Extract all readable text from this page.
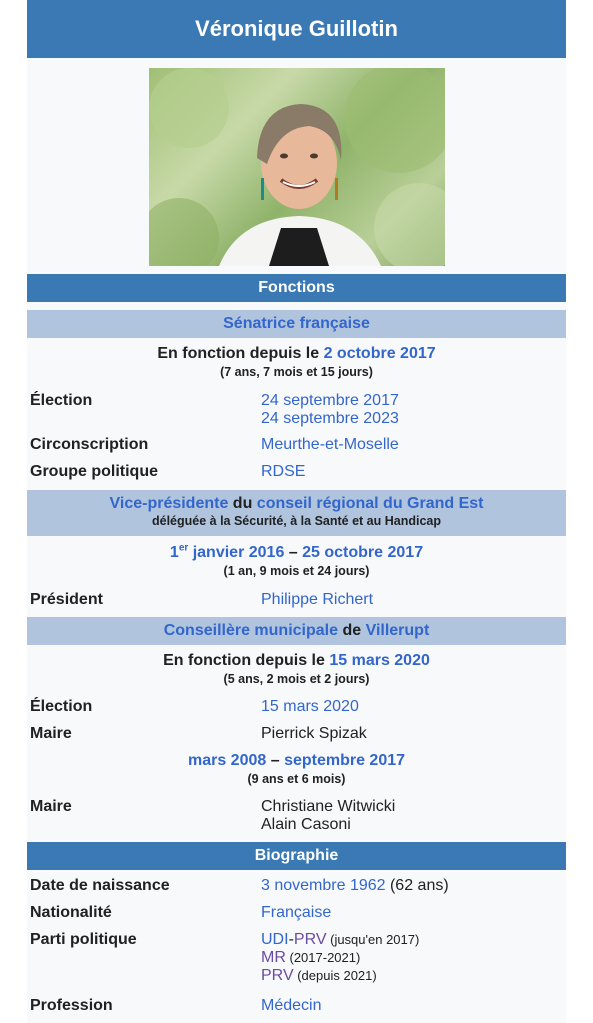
Véronique Guillotin
Fonctions
Sénatrice française
En fonction depuis le 2 octobre 2017
(7 ans, 7 mois et 15 jours)
Élection	24 septembre 2017
24 septembre 2023
Circonscription	Meurthe-et-Moselle
Groupe politique	RDSE
Vice-présidente du conseil régional du Grand Est
déléguée à la Sécurité, à la Santé et au Handicap
1er janvier 2016 – 25 octobre 2017
(1 an, 9 mois et 24 jours)
Président	Philippe Richert
Conseillère municipale de Villerupt
En fonction depuis le 15 mars 2020
(5 ans, 2 mois et 2 jours)
Élection	15 mars 2020
Maire	Pierrick Spizak
mars 2008 – septembre 2017
(9 ans et 6 mois)
Maire	Christiane Witwicki
Alain Casoni
Biographie
Date de naissance	3 novembre 1962 (62 ans)
Nationalité	Française
Parti politique	UDI-PRV (jusqu'en 2017)
MR (2017-2021)
PRV (depuis 2021)
Profession	Médecin
